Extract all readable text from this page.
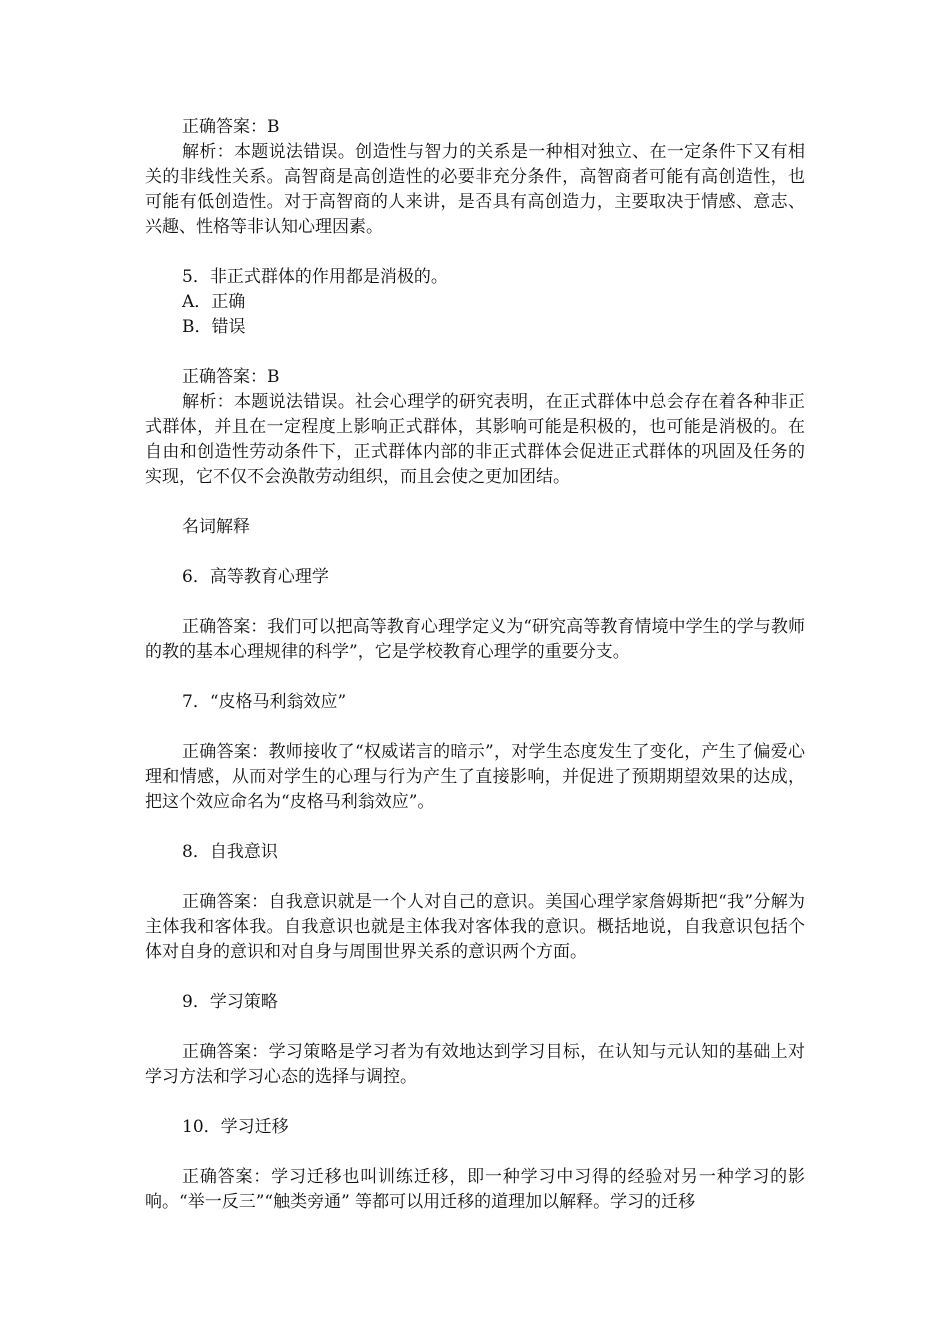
正确答案：B

解析：本题说法错误。创造性与智力的关系是一种相对独立、在一定条件下又有相关的非线性关系。高智商是高创造性的必要非充分条件，高智商者可能有高创造性，也可能有低创造性。对于高智商的人来讲，是否具有高创造力，主要取决于情感、意志、兴趣、性格等非认知心理因素。

5．非正式群体的作用都是消极的。

A．正确

B．错误

正确答案：B

解析：本题说法错误。社会心理学的研究表明，在正式群体中总会存在着各种非正式群体，并且在一定程度上影响正式群体，其影响可能是积极的，也可能是消极的。在自由和创造性劳动条件下，正式群体内部的非正式群体会促进正式群体的巩固及任务的实现，它不仅不会涣散劳动组织，而且会使之更加团结。

名词解释

6．高等教育心理学

正确答案：我们可以把高等教育心理学定义为“研究高等教育情境中学生的学与教师的教的基本心理规律的科学”，它是学校教育心理学的重要分支。

7．“皮格马利翁效应”

正确答案：教师接收了“权威诺言的暗示”，对学生态度发生了变化，产生了偏爱心理和情感，从而对学生的心理与行为产生了直接影响，并促进了预期期望效果的达成，把这个效应命名为“皮格马利翁效应”。

8．自我意识

正确答案：自我意识就是一个人对自己的意识。美国心理学家詹姆斯把“我”分解为主体我和客体我。自我意识也就是主体我对客体我的意识。概括地说，自我意识包括个体对自身的意识和对自身与周围世界关系的意识两个方面。

9．学习策略

正确答案：学习策略是学习者为有效地达到学习目标，在认知与元认知的基础上对学习方法和学习心态的选择与调控。

10．学习迁移

正确答案：学习迁移也叫训练迁移，即一种学习中习得的经验对另一种学习的影响。“举一反三”“触类旁通” 等都可以用迁移的道理加以解释。学习的迁移
